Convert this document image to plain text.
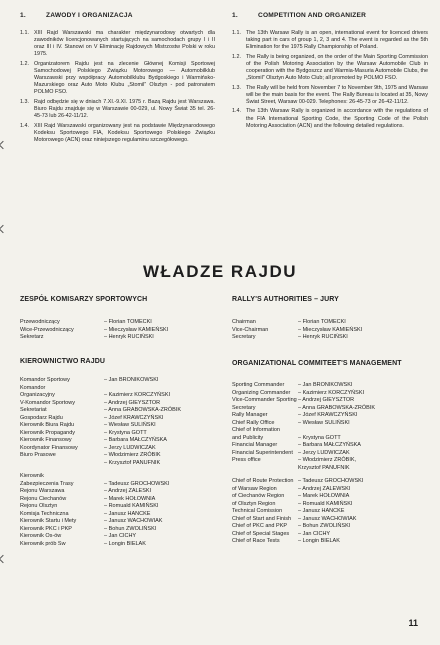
1.	ZAWODY I ORGANIZACJA
1.1. XIII Rajd Warszawski ma charakter międzynarodowy otwartych dla zawodników licencjonowanych startujących na samochodach grupy I i II oraz III i IV. Stanowi on V Eliminację Rajdowych Mistrzostw Polski w roku 1975.
1.2. Organizatorem Rajdu jest na zlecenie Głównej Komisji Sportowej Samochodowej Polskiego Związku Motorowego — Automobilklub Warszawski przy współpracy Automobilklubu Bydgoskiego i Warmińsko-Mazurskiego oraz Auto Moto Klubu „Stomil” Olsztyn - pod patronatem POLMO FSO.
1.3. Rajd odbędzie się w dniach 7.XI.-9.XI. 1975 r. Bazą Rajdu jest Warszawa. Biuro Rajdu znajduje się w Warszawie 00-029, ul. Nowy Świat 35 tel. 26-45-73 lub 26-42-11/12.
1.4. XIII Rajd Warszawski organizowany jest na podstawie Międzynarodowego Kodeksu Sportowego FIA, Kodeksu Sportowego Polskiego Związku Motorowego (ACN) oraz niniejszego regulaminu szczegółowego.
1.	COMPETITION AND ORGANIZER
1.1. The 13th Warsaw Rally is an open, international event for licenced drivers taking part in cars of group 1, 2, 3 and 4. The event is regarded as the 5th Elimination for the 1975 Rally Championship of Poland.
1.2. The Rally is being organized, on the order of the Main Sporting Commission of the Polish Motoring Association by the Warsaw Automobile Club in cooperation with the Bydgoszcz and Warmia-Masuria Automobile Clubs, the „Stomil” Olsztyn Auto Moto Club; all promoted by POLMO FSO.
1.3. The Rally will be held from November 7 to November 9th, 1975 and Warsaw will be the main basis for the event. The Rally Bureau is located at 35, Nowy Świat Street, Warsaw 00-029. Telephones: 26-45-73 or 26-42-11/12.
1.4. The 13th Warsaw Rally is organized in accordance with the regulations of the FIA International Sporting Code, the Sporting Code of the Polish Motoring Association (ACN) and the following detailed regulations.
WŁADZE RAJDU
ZESPÓŁ KOMISARZY SPORTOWYCH
Przewodniczący	– Florian TOMECKI
Wice-Przewodniczący	– Mieczysław KAMIEŃSKI
Sekretarz	– Henryk RUCIŃSKI
RALLY'S AUTHORITIES – JURY
Chairman	– Florian TOMECKI
Vice-Chairman	– Mieczysław KAMIEŃSKI
Secretary	– Henryk RUCIŃSKI
KIEROWNICTWO RAJDU
Komandor Sportowy	– Jan BRONIKOWSKI
Komandor
Organizacyjny	– Kazimierz KORCZYŃSKI
V-Komandor Sportowy	– Andrzej GIEYSZTOR
Sekretariat	– Anna GRABOWSKA-ZRÓBIK
Gospodarz Rajdu	– Józef KRAWCZYŃSKI
Kierownik Biura Rajdu	– Wiesław SULIŃSKI
Kierownik Propagandy	– Krystyna GOTT
Kierownik Finansowy	– Barbara MAŁCZYŃSKA
Koordynator Finansowy	– Jerzy LUDWICZAK
Biuro Prasowe	– Włodzimierz ZRÓBIK
– Krzysztof PANUFNIK
Kierownik
Zabezpieczenia Trasy	– Tadeusz GROCHOWSKI
Rejonu Warszawa	– Andrzej ZALESKI
Rejonu Ciechanów	– Marek HOŁOWNIA
Rejonu Olsztyn	– Romuald KAMIŃSKI
Komisja Techniczna	– Janusz HANCKE
Kierownik Startu i Mety	– Janusz WACHOWIAK
Kierownik PKC i PKP	– Bohun ZWOLIŃSKI
Kierownik Os-ów	– Jan CICHY
Kierownik prób Sw	– Longin BIELAK
ORGANIZATIONAL COMMITEET'S MANAGEMENT
Sporting Commander	– Jan BRONIKOWSKI
Organizing Commander	– Kazimierz KORCZYŃSKI
Vice-Commander Sporting – Andrzej GIEYSZTOR
Secretary	– Anna GRABOWSKA-ZRÓBIK
Rally Manager	– Józef KRAWCZYŃSKI
Chief Rally Office	– Wiesław SULIŃSKI
Chief of Information
and Publicity	– Krystyna GOTT
Financial Manager	– Barbara MAŁCZYŃSKA
Financial Superintendent – Jerzy LUDWICZAK
Press office	– Włodzimierz ZRÓBIK,
Krzysztof PANUFNIK
Chief of Route Protection – Tadeusz GROCHOWSKI
of Warsaw Region	– Andrzej ZALEWSKI
of Ciechanów Region	– Marek HOŁOWNIA
of Olsztyn Region	– Romuald KAMIŃSKI
Technical Comission	– Janusz HANCKE
Chief of Start and Finish	– Janusz WACHOWIAK
Chief of PKC and PKP	– Bohun ZWOLIŃSKI
Chief of Special Stages	– Jan CICHY
Chief of Race Tests	– Longin BIELAK
11
